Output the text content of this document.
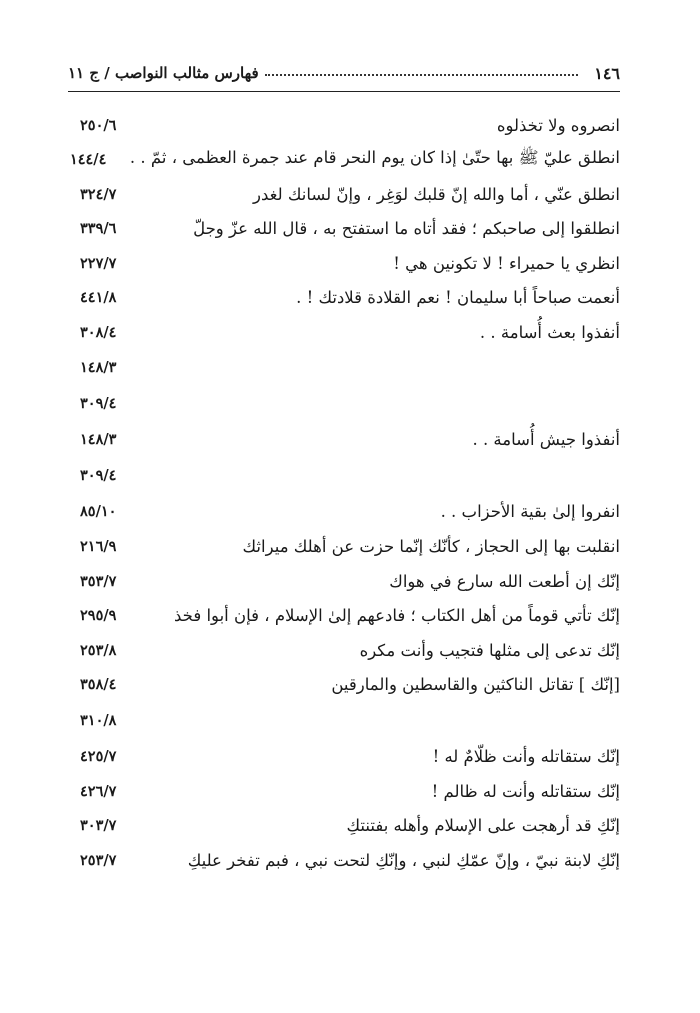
١٤٦
فهارس مثالب النواصب / ج ١١
انصروه ولا تخذلوه
٢٥٠/٦
انطلق عليّ ﷺ بها حتّىٰ إذا كان يوم النحر قام عند جمرة العظمى ، ثمّ . .
١٤٤/٤
انطلق عنّي ، أما والله إنّ قلبك لوَغِر ، وإنّ لسانك لغدر
٣٢٤/٧
انطلقوا إلى صاحبكم ؛ فقد أتاه ما استفتح به ، قال الله عزّ وجلّ
٣٣٩/٦
انظري يا حميراء ! لا تكونين هي !
٢٢٧/٧
أنعمت صباحاً أبا سليمان ! نعم القلادة قلادتك ! .
٤٤١/٨
أنفذوا بعث أُسامة . .
٣٠٨/٤
١٤٨/٣
٣٠٩/٤
أنفذوا جيش أُسامة . .
١٤٨/٣
٣٠٩/٤
انفروا إلىٰ بقية الأحزاب . .
٨٥/١٠
انقلبت بها إلى الحجاز ، كأنّك إنّما حزت عن أهلك ميراثك
٢١٦/٩
إنّك إن أطعت الله سارع في هواك
٣٥٣/٧
إنّك تأتي قوماً من أهل الكتاب ؛ فادعهم إلىٰ الإسلام ، فإن أبوا فخذ
٢٩٥/٩
إنّك تدعى إلى مثلها فتجيب وأنت مكره
٢٥٣/٨
[إنّك ] تقاتل الناكثين والقاسطين والمارقين
٣٥٨/٤
٣١٠/٨
إنّك ستقاتله وأنت ظلّامٌ له !
٤٢٥/٧
إنّك ستقاتله وأنت له ظالم !
٤٢٦/٧
إنّكِ قد أرهجت على الإسلام وأهله بفتنتكِ
٣٠٣/٧
إنّكِ لابنة نبيّ ، وإنّ عمّكِ لنبي ، وإنّكِ لتحت نبي ، فبم تفخر عليكِ
٢٥٣/٧
